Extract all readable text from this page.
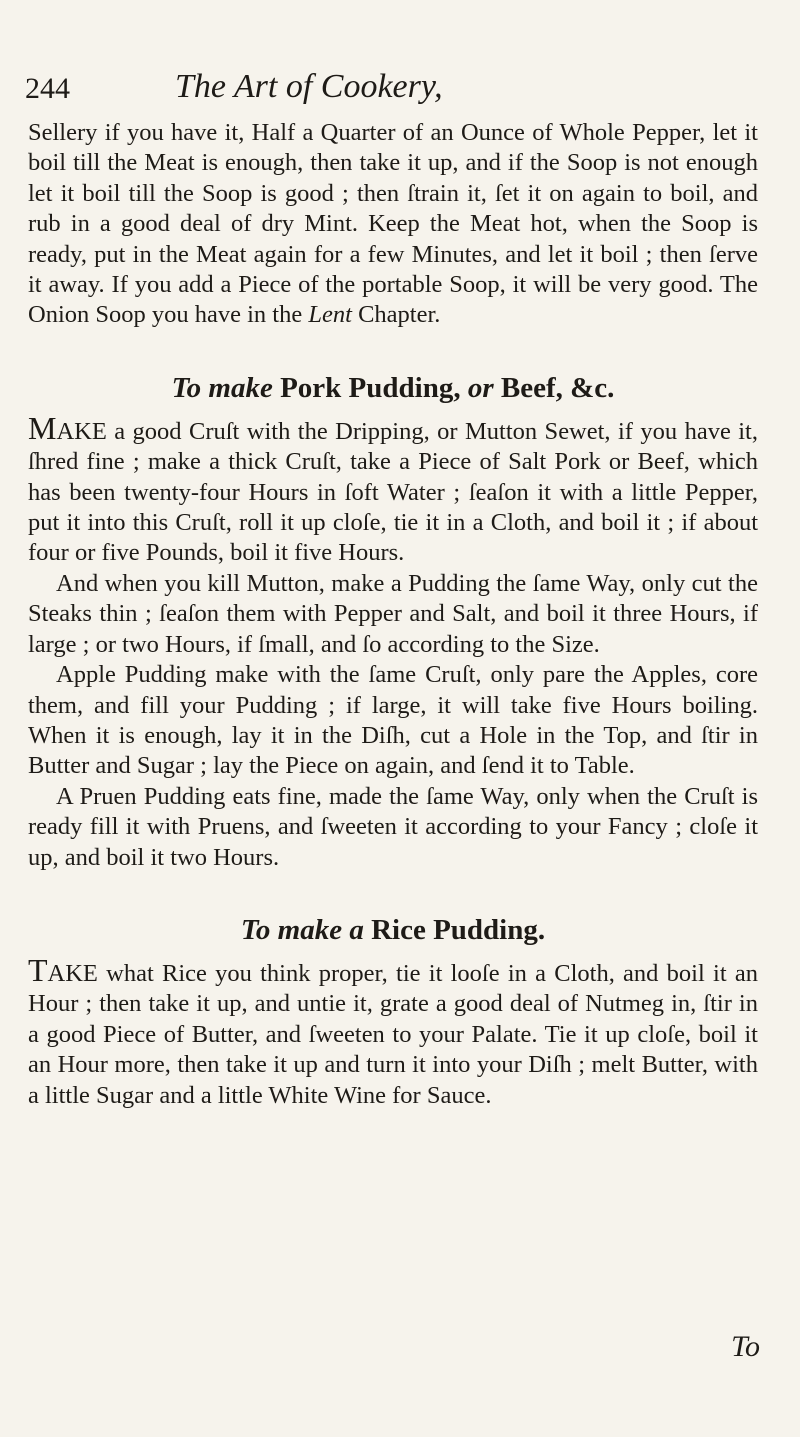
244	The Art of Cookery,

Sellery if you have it, Half a Quarter of an Ounce of Whole Pepper, let it boil till the Meat is enough, then take it up, and if the Soop is not enough let it boil till the Soop is good ; then ſtrain it, ſet it on again to boil, and rub in a good deal of dry Mint. Keep the Meat hot, when the Soop is ready, put in the Meat again for a few Minutes, and let it boil ; then ſerve it away. If you add a Piece of the portable Soop, it will be very good. The Onion Soop you have in the Lent Chapter.

To make Pork Pudding, or Beef, &c.

MAKE a good Cruſt with the Dripping, or Mutton Sewet, if you have it, ſhred fine ; make a thick Cruſt, take a Piece of Salt Pork or Beef, which has been twenty-four Hours in ſoft Water ; ſeaſon it with a little Pepper, put it into this Cruſt, roll it up cloſe, tie it in a Cloth, and boil it ; if about four or five Pounds, boil it five Hours.

And when you kill Mutton, make a Pudding the ſame Way, only cut the Steaks thin ; ſeaſon them with Pepper and Salt, and boil it three Hours, if large ; or two Hours, if ſmall, and ſo according to the Size.

Apple Pudding make with the ſame Cruſt, only pare the Apples, core them, and fill your Pudding ; if large, it will take five Hours boiling. When it is enough, lay it in the Diſh, cut a Hole in the Top, and ſtir in Butter and Sugar ; lay the Piece on again, and ſend it to Table.

A Pruen Pudding eats fine, made the ſame Way, only when the Cruſt is ready fill it with Pruens, and ſweeten it according to your Fancy ; cloſe it up, and boil it two Hours.

To make a Rice Pudding.

TAKE what Rice you think proper, tie it looſe in a Cloth, and boil it an Hour ; then take it up, and untie it, grate a good deal of Nutmeg in, ſtir in a good Piece of Butter, and ſweeten to your Palate. Tie it up cloſe, boil it an Hour more, then take it up and turn it into your Diſh ; melt Butter, with a little Sugar and a little White Wine for Sauce.

To
